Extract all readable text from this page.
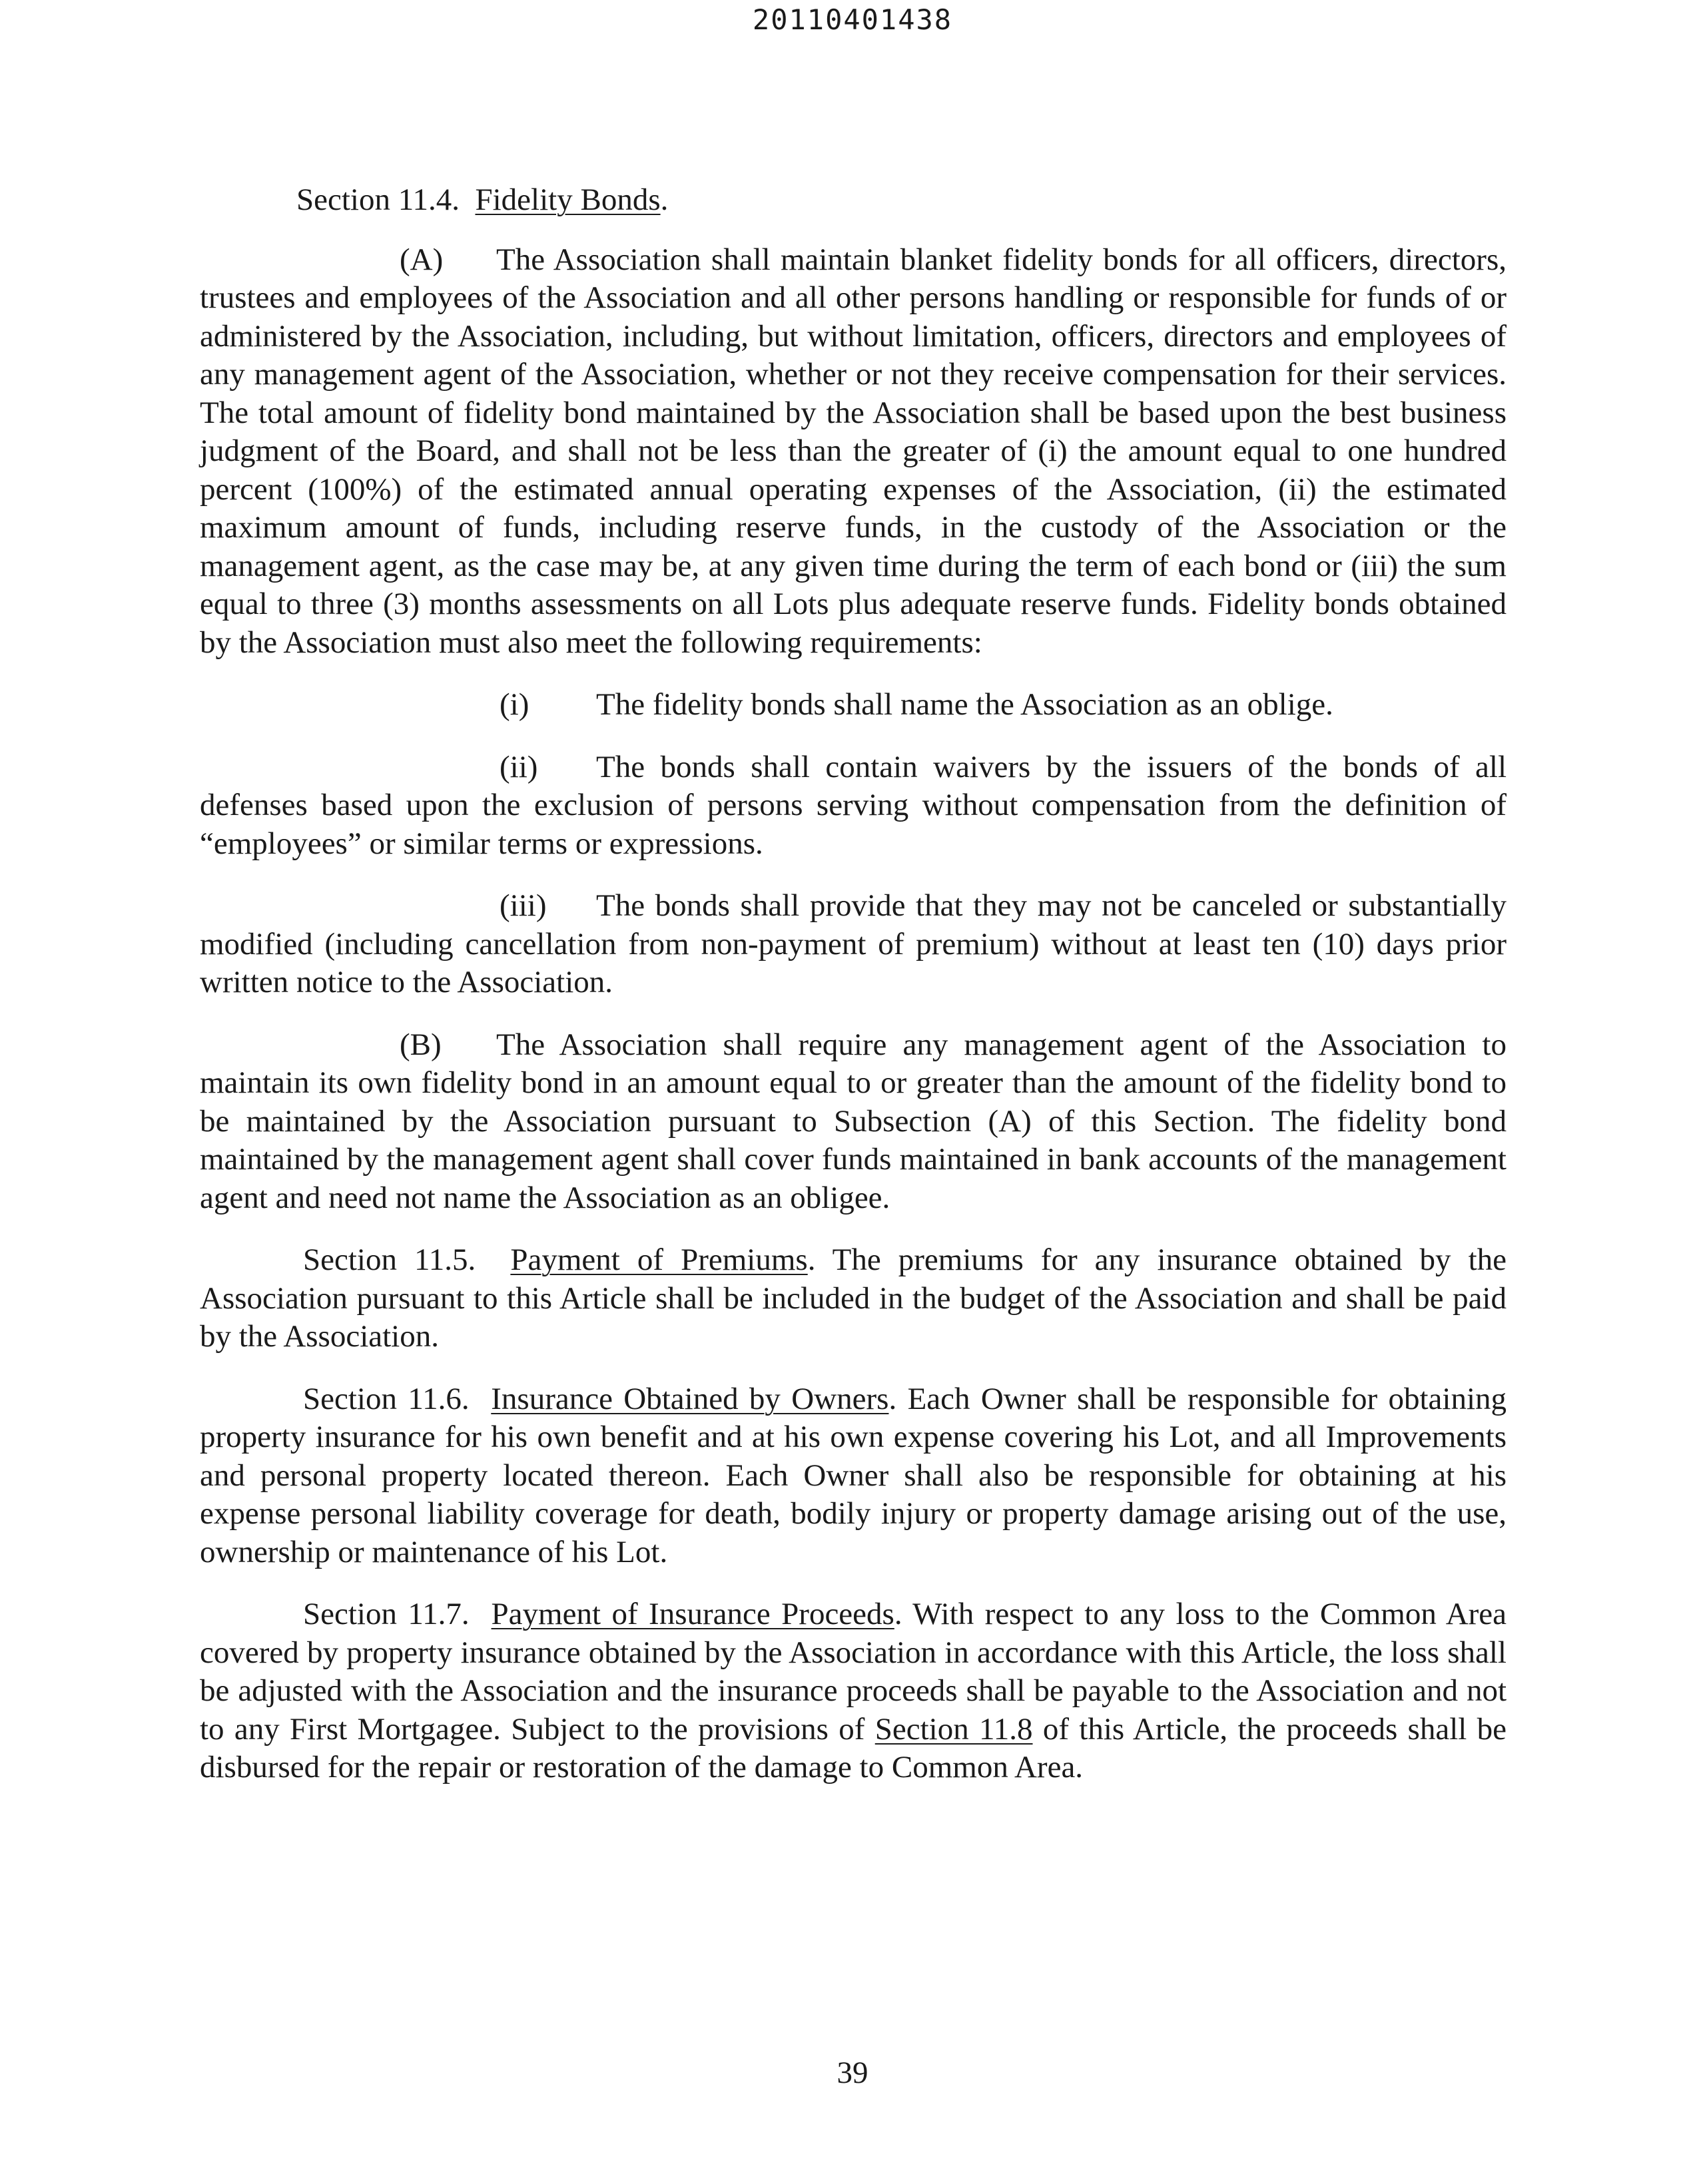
20110401438

Section 11.4. Fidelity Bonds.

(A) The Association shall maintain blanket fidelity bonds for all officers, directors, trustees and employees of the Association and all other persons handling or responsible for funds of or administered by the Association, including, but without limitation, officers, directors and employees of any management agent of the Association, whether or not they receive compensation for their services. The total amount of fidelity bond maintained by the Association shall be based upon the best business judgment of the Board, and shall not be less than the greater of (i) the amount equal to one hundred percent (100%) of the estimated annual operating expenses of the Association, (ii) the estimated maximum amount of funds, including reserve funds, in the custody of the Association or the management agent, as the case may be, at any given time during the term of each bond or (iii) the sum equal to three (3) months assessments on all Lots plus adequate reserve funds. Fidelity bonds obtained by the Association must also meet the following requirements:

(i) The fidelity bonds shall name the Association as an oblige.

(ii) The bonds shall contain waivers by the issuers of the bonds of all defenses based upon the exclusion of persons serving without compensation from the definition of “employees” or similar terms or expressions.

(iii) The bonds shall provide that they may not be canceled or substantially modified (including cancellation from non-payment of premium) without at least ten (10) days prior written notice to the Association.

(B) The Association shall require any management agent of the Association to maintain its own fidelity bond in an amount equal to or greater than the amount of the fidelity bond to be maintained by the Association pursuant to Subsection (A) of this Section. The fidelity bond maintained by the management agent shall cover funds maintained in bank accounts of the management agent and need not name the Association as an obligee.

Section 11.5. Payment of Premiums. The premiums for any insurance obtained by the Association pursuant to this Article shall be included in the budget of the Association and shall be paid by the Association.

Section 11.6. Insurance Obtained by Owners. Each Owner shall be responsible for obtaining property insurance for his own benefit and at his own expense covering his Lot, and all Improvements and personal property located thereon. Each Owner shall also be responsible for obtaining at his expense personal liability coverage for death, bodily injury or property damage arising out of the use, ownership or maintenance of his Lot.

Section 11.7. Payment of Insurance Proceeds. With respect to any loss to the Common Area covered by property insurance obtained by the Association in accordance with this Article, the loss shall be adjusted with the Association and the insurance proceeds shall be payable to the Association and not to any First Mortgagee. Subject to the provisions of Section 11.8 of this Article, the proceeds shall be disbursed for the repair or restoration of the damage to Common Area.

39
